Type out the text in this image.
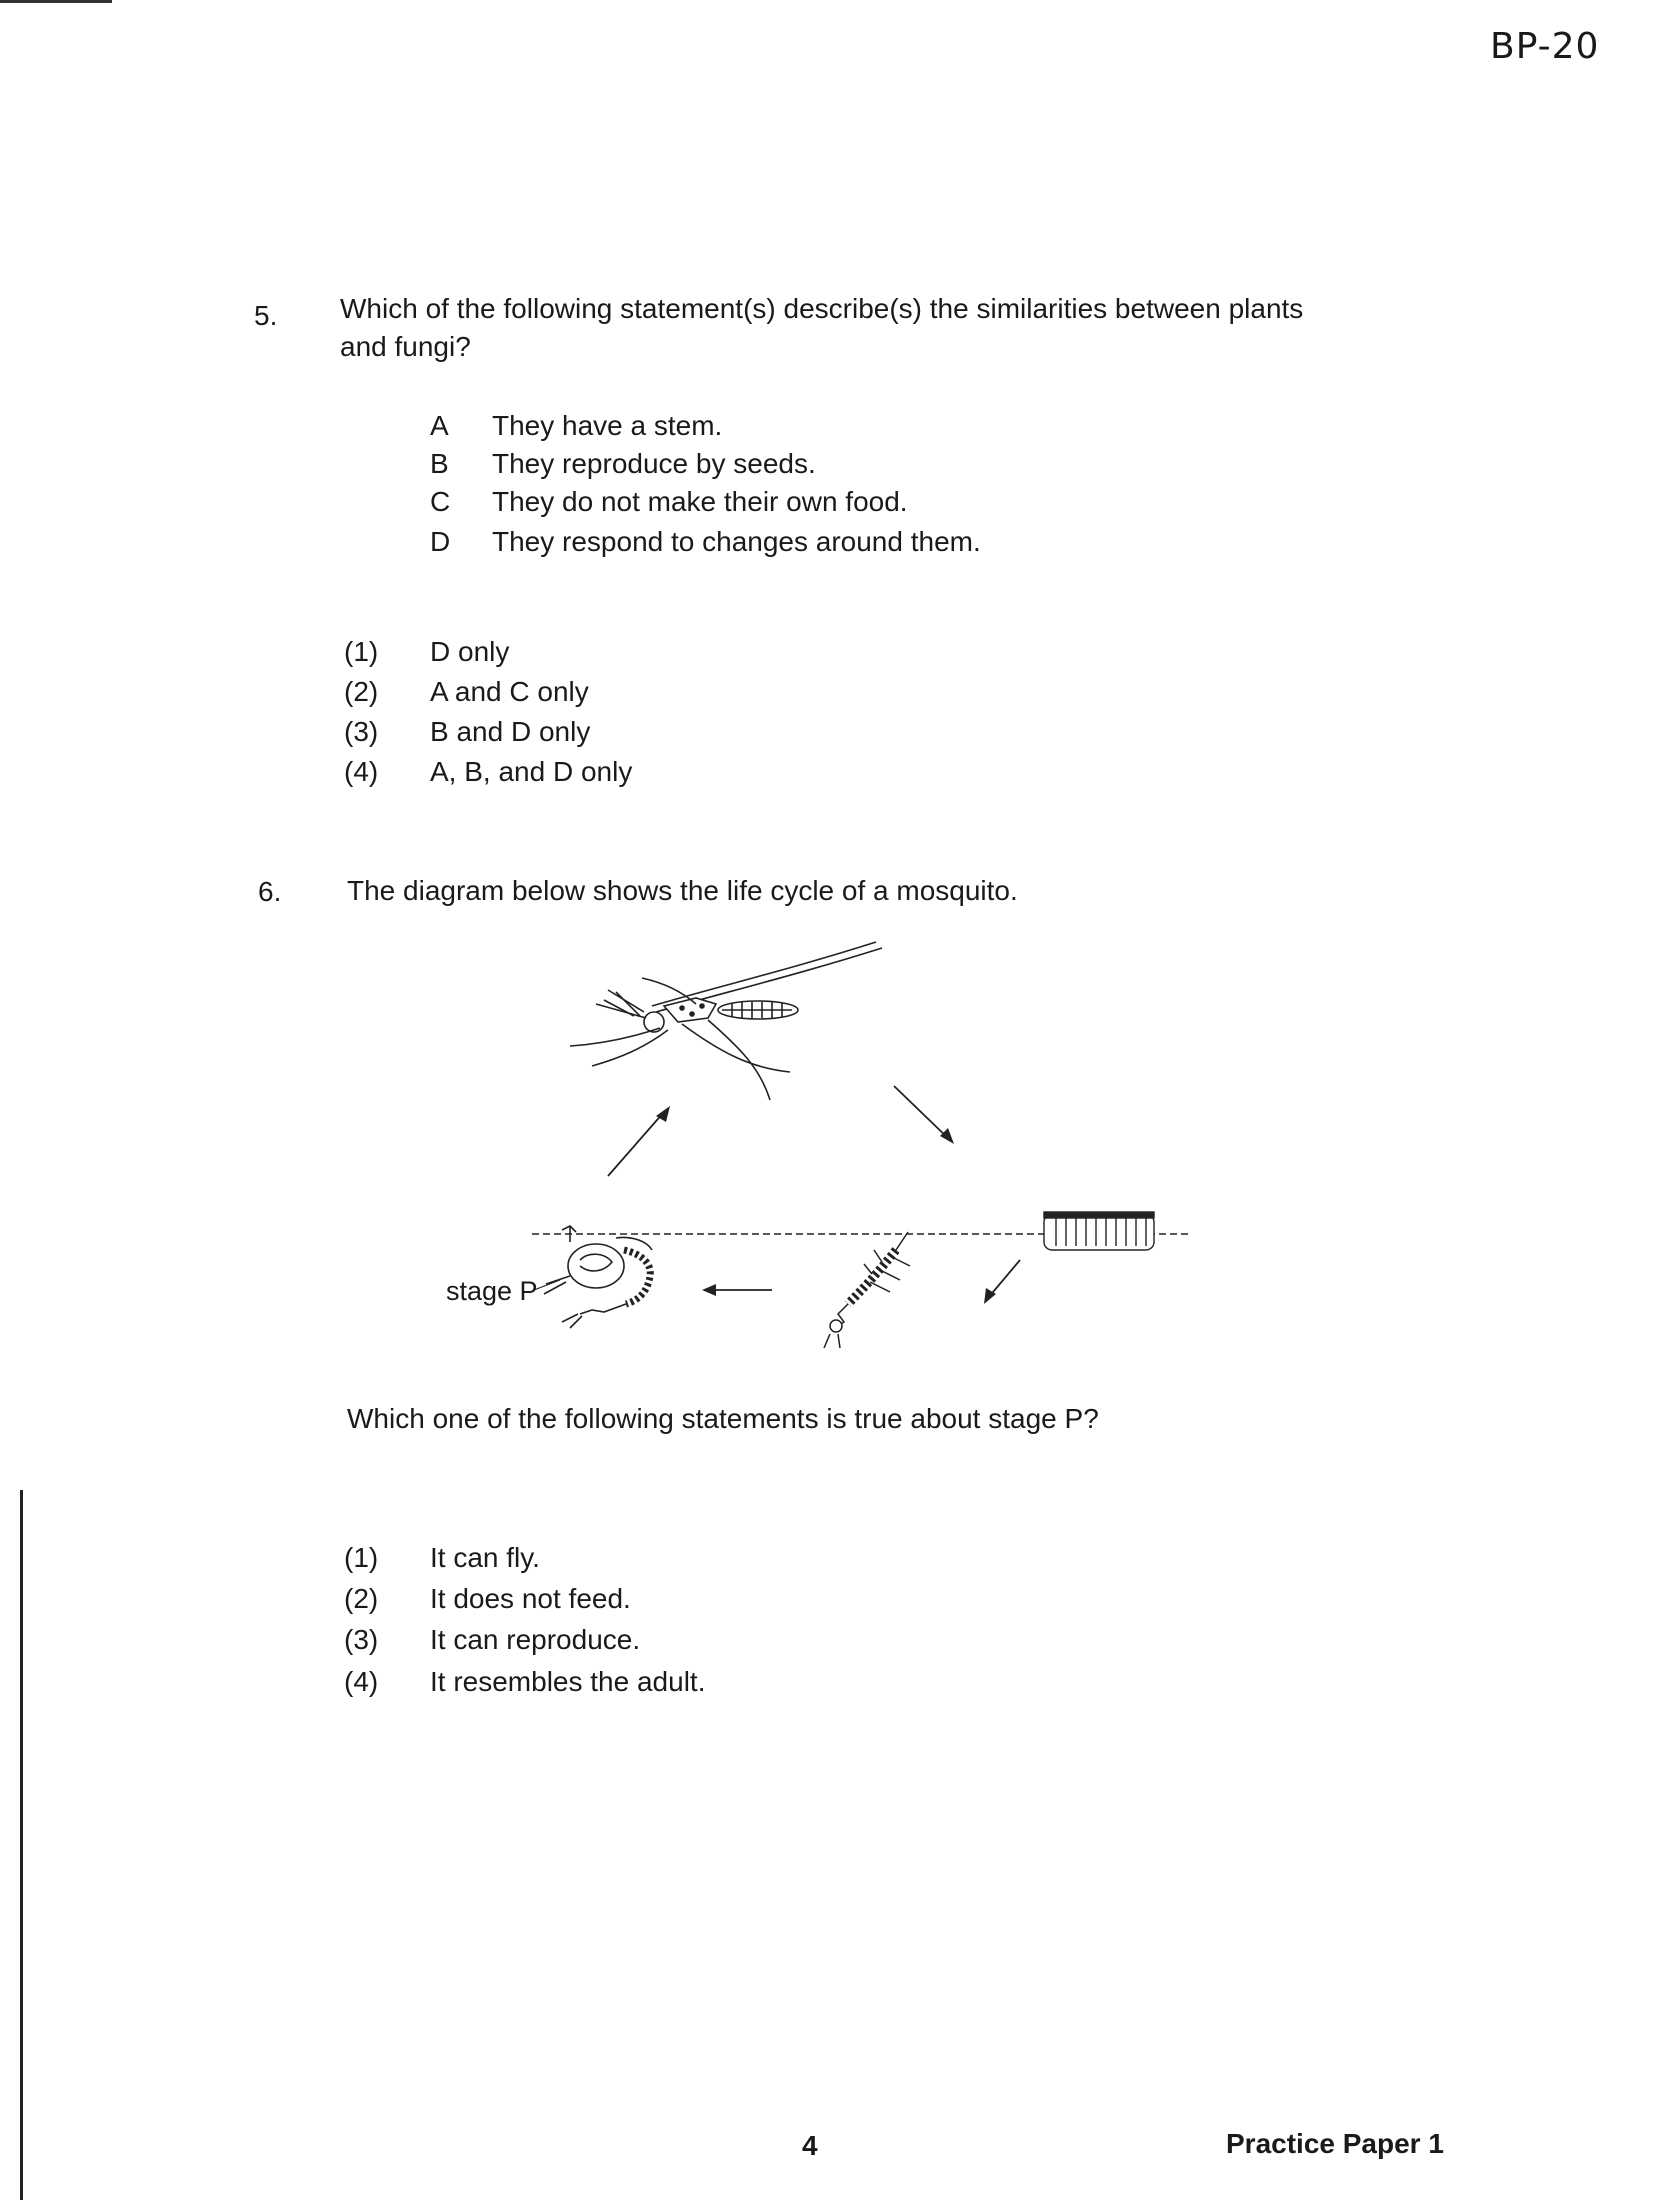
BP-20
5. Which of the following statement(s) describe(s) the similarities between plants
and fungi?
A They have a stem.
B They reproduce by seeds.
C They do not make their own food.
D They respond to changes around them.
(1) D only
(2) A and C only
(3) B and D only
(4) A, B, and D only
6. The diagram below shows the life cycle of a mosquito.
stage P
Which one of the following statements is true about stage P?
(1) It can fly.
(2) It does not feed.
(3) It can reproduce.
(4) It resembles the adult.
4	Practice Paper 1
